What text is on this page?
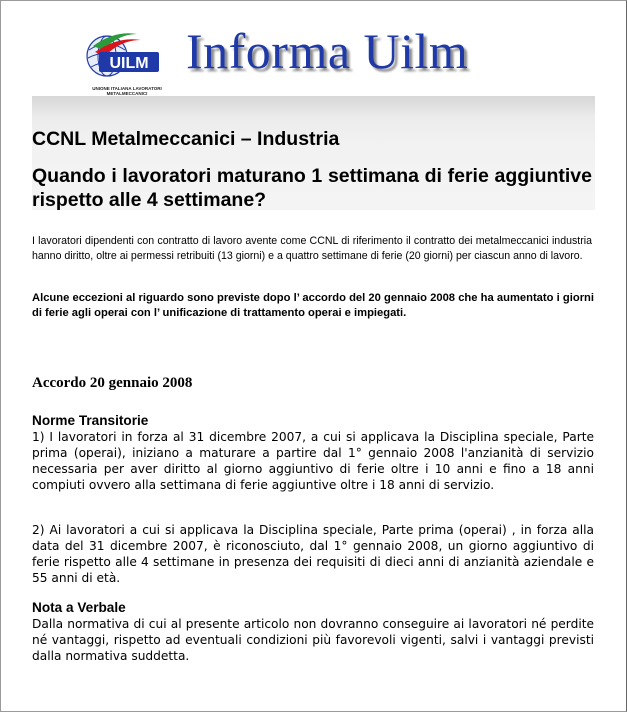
UILM
UNIONE ITALIANA LAVORATORI
METALMECCANICI
Informa Uilm
CCNL Metalmeccanici – Industria
Quando i lavoratori maturano 1 settimana di ferie aggiuntive rispetto alle 4 settimane?
I lavoratori dipendenti con contratto di lavoro avente come CCNL di riferimento il contratto dei metalmeccanici industria hanno diritto, oltre ai permessi retribuiti (13 giorni) e a quattro settimane di ferie (20 giorni) per ciascun anno di lavoro.
Alcune eccezioni al riguardo sono previste dopo l’ accordo del 20 gennaio 2008 che ha aumentato i giorni di ferie agli operai con l’ unificazione di trattamento operai e impiegati.
Accordo 20 gennaio 2008
Norme Transitorie
1) I lavoratori in forza al 31 dicembre 2007, a cui si applicava la Disciplina speciale, Parte prima (operai), iniziano a maturare a partire dal 1° gennaio 2008 l'anzianità di servizio necessaria per aver diritto al giorno aggiuntivo di ferie oltre i 10 anni e fino a 18 anni compiuti ovvero alla settimana di ferie aggiuntive oltre i 18 anni di servizio.
2) Ai lavoratori a cui si applicava la Disciplina speciale, Parte prima (operai) , in forza alla data del 31 dicembre 2007, è riconosciuto, dal 1° gennaio 2008, un giorno aggiuntivo di ferie rispetto alle 4 settimane in presenza dei requisiti di dieci anni di anzianità aziendale e 55 anni di età.
Nota a Verbale
Dalla normativa di cui al presente articolo non dovranno conseguire ai lavoratori né perdite né vantaggi, rispetto ad eventuali condizioni più favorevoli vigenti, salvi i vantaggi previsti dalla normativa suddetta.
